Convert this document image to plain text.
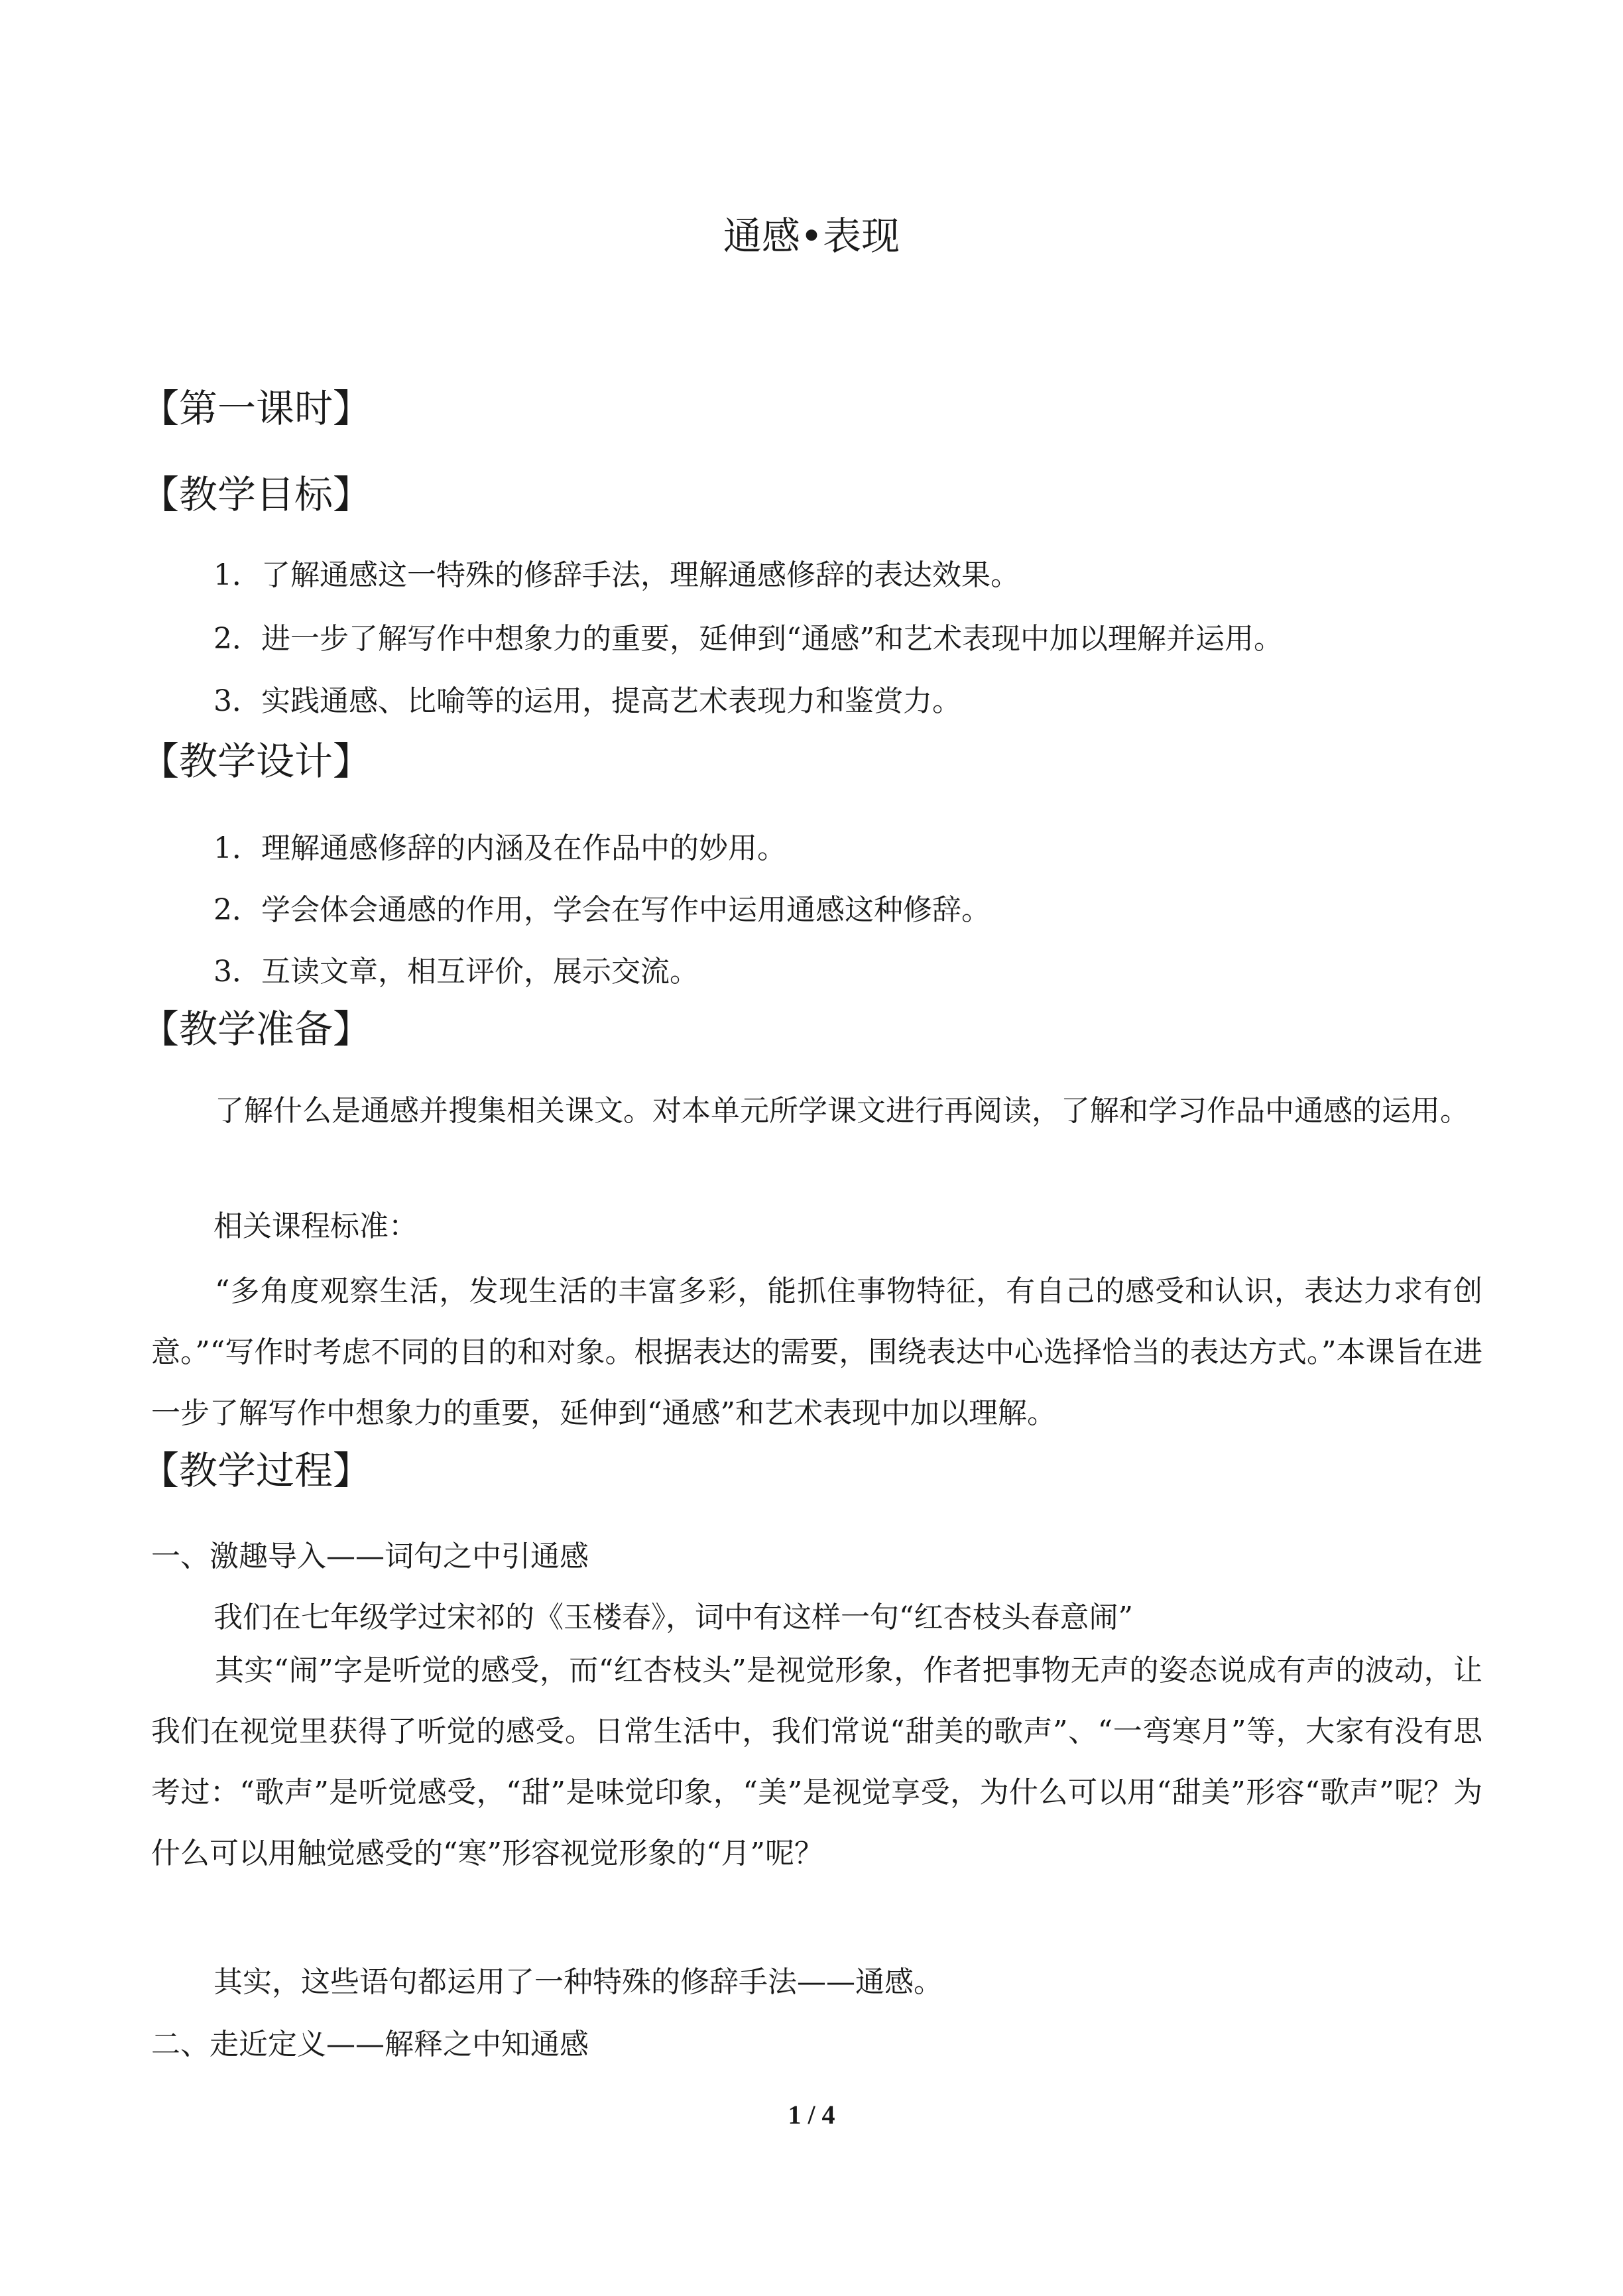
通感•表现
【第一课时】
【教学目标】
1．了解通感这一特殊的修辞手法，理解通感修辞的表达效果。
2．进一步了解写作中想象力的重要，延伸到“通感”和艺术表现中加以理解并运用。
3．实践通感、比喻等的运用，提高艺术表现力和鉴赏力。
【教学设计】
1．理解通感修辞的内涵及在作品中的妙用。
2．学会体会通感的作用，学会在写作中运用通感这种修辞。
3．互读文章，相互评价，展示交流。
【教学准备】
了解什么是通感并搜集相关课文。对本单元所学课文进行再阅读，了解和学习作品中通感的运用。
相关课程标准：
“多角度观察生活，发现生活的丰富多彩，能抓住事物特征，有自己的感受和认识，表达力求有创意。”“写作时考虑不同的目的和对象。根据表达的需要，围绕表达中心选择恰当的表达方式。”本课旨在进一步了解写作中想象力的重要，延伸到“通感”和艺术表现中加以理解。
【教学过程】
一、激趣导入——词句之中引通感
我们在七年级学过宋祁的《玉楼春》，词中有这样一句“红杏枝头春意闹”
其实“闹”字是听觉的感受，而“红杏枝头”是视觉形象，作者把事物无声的姿态说成有声的波动，让我们在视觉里获得了听觉的感受。日常生活中，我们常说“甜美的歌声”、“一弯寒月”等，大家有没有思考过：“歌声”是听觉感受，“甜”是味觉印象，“美”是视觉享受，为什么可以用“甜美”形容“歌声”呢？为什么可以用触觉感受的“寒”形容视觉形象的“月”呢？
其实，这些语句都运用了一种特殊的修辞手法——通感。
二、走近定义——解释之中知通感
1 / 4
